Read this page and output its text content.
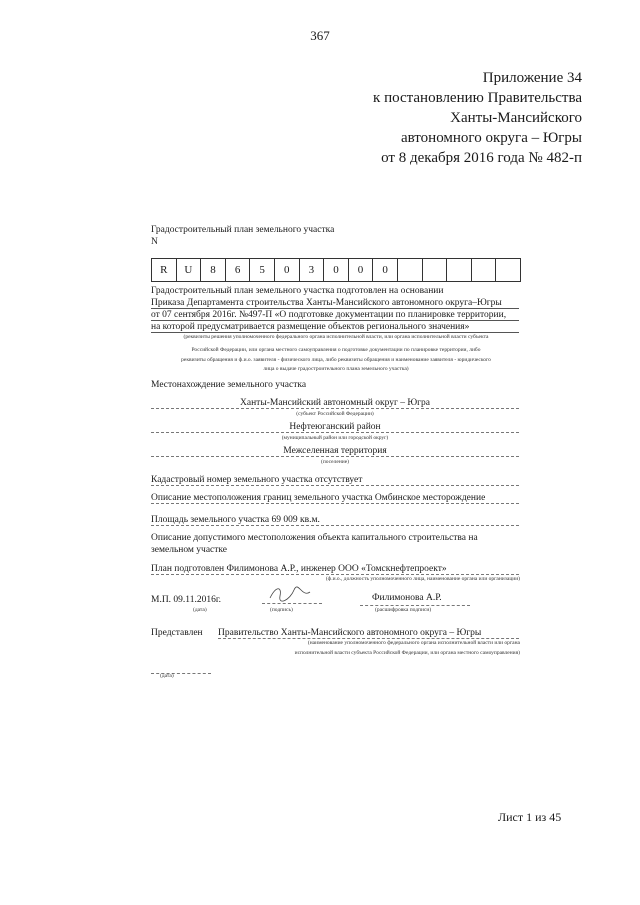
367
Приложение 34
к постановлению Правительства
Ханты-Мансийского
автономного округа – Югры
от 8 декабря 2016 года № 482-п
Градостроительный план земельного участка
N
R	U	8	6	5	0	3	0	0	0
Градостроительный план земельного участка подготовлен на основании
Приказа Департамента строительства Ханты-Мансийского автономного округа–Югры
от 07 сентября 2016г. №497-П «О подготовке документации по планировке территории,
на которой предусматривается размещение объектов регионального значения»
(реквизиты решения уполномоченного федерального органа исполнительной власти, или органа исполнительной власти субъекта
Российской Федерации, или органа местного самоуправления о подготовке документации по планировке территории, либо
реквизиты обращения и ф.и.о. заявителя - физического лица, либо реквизиты обращения и наименование заявителя - юридического
лица о выдаче градостроительного плана земельного участка)
Местонахождение земельного участка
Ханты-Мансийский автономный округ – Югра
(субъект Российской Федерации)
Нефтеюганский район
(муниципальный район или городской округ)
Межселенная территория
(поселение)
Кадастровый номер земельного участка отсутствует
Описание местоположения границ земельного участка Омбинское месторождение
Площадь земельного участка 69 009 кв.м.
Описание допустимого местоположения объекта капитального строительства на
земельном участке
План подготовлен Филимонова А.Р., инженер ООО «Томскнефтепроект»
(ф.и.о., должность уполномоченного лица, наименование органа или организации)
М.П. 09.11.2016г.
(дата)	(подпись)
Филимонова А.Р.
(расшифровка подписи)
Представлен Правительство Ханты-Мансийского автономного округа – Югры
(наименование уполномоченного федерального органа исполнительной власти или органа
исполнительной власти субъекта Российской Федерации, или органа местного самоуправления)
(дата)
Лист 1 из 45
